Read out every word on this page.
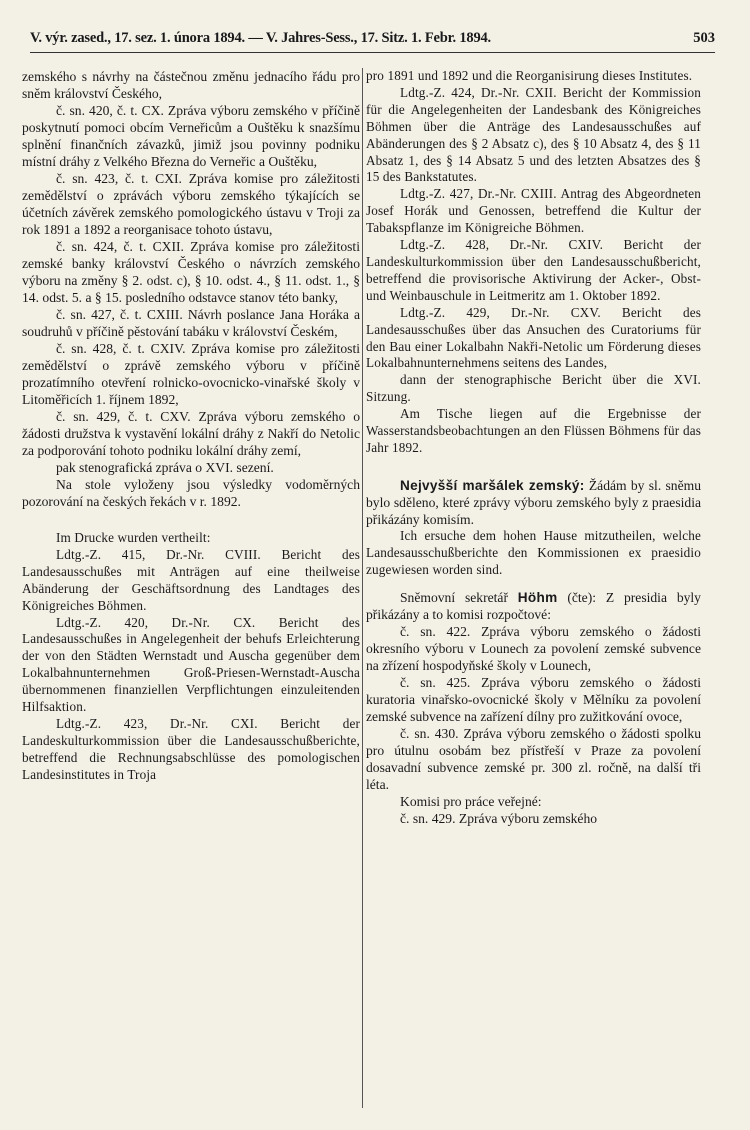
V. výr. zased., 17. sez. 1. února 1894. — V. Jahres-Sess., 17. Sitz. 1. Febr. 1894.	503

zemského s návrhy na částečnou změnu jednacího řádu pro sněm království Českého,

č. sn. 420, č. t. CX. Zpráva výboru zemského v příčině poskytnutí pomoci obcím Verneřicům a Ouštěku k snazšímu splnění finančních závazků, jimiž jsou povinny podniku místní dráhy z Velkého Března do Verneřic a Ouštěku,

č. sn. 423, č. t. CXI. Zpráva komise pro záležitosti zemědělství o zprávách výboru zemského týkajících se účetních závěrek zemského pomologického ústavu v Troji za rok 1891 a 1892 a reorganisace tohoto ústavu,

č. sn. 424, č. t. CXII. Zpráva komise pro záležitosti zemské banky království Českého o návrzích zemského výboru na změny § 2. odst. c), § 10. odst. 4., § 11. odst. 1., § 14. odst. 5. a § 15. posledního odstavce stanov této banky,

č. sn. 427, č. t. CXIII. Návrh poslance Jana Horáka a soudruhů v příčině pěstování tabáku v království Českém,

č. sn. 428, č. t. CXIV. Zpráva komise pro záležitosti zemědělství o zprávě zemského výboru v příčině prozatímního otevření rolnicko-ovocnicko-vinařské školy v Litoměřicích 1. říjnem 1892,

č. sn. 429, č. t. CXV. Zpráva výboru zemského o žádosti družstva k vystavění lokální dráhy z Nakří do Netolic za podporování tohoto podniku lokální dráhy zemí,

pak stenografická zpráva o XVI. sezení.

Na stole vyloženy jsou výsledky vodoměrných pozorování na českých řekách v r. 1892.

Im Drucke wurden vertheilt:

Ldtg.-Z. 415, Dr.-Nr. CVIII. Bericht des Landesausschußes mit Anträgen auf eine theilweise Abänderung der Geschäftsordnung des Landtages des Königreiches Böhmen.

Ldtg.-Z. 420, Dr.-Nr. CX. Bericht des Landesausschußes in Angelegenheit der behufs Erleichterung der von den Städten Wernstadt und Auscha gegenüber dem Lokalbahnunternehmen Groß-Priesen-Wernstadt-Auscha übernommenen finanziellen Verpflichtungen einzuleitenden Hilfsaktion.

Ldtg.-Z. 423, Dr.-Nr. CXI. Bericht der Landeskulturkommission über die Landesausschußberichte, betreffend die Rechnungsabschlüsse des pomologischen Landesinstitutes in Troja

pro 1891 und 1892 und die Reorganisirung dieses Institutes.

Ldtg.-Z. 424, Dr.-Nr. CXII. Bericht der Kommission für die Angelegenheiten der Landesbank des Königreiches Böhmen über die Anträge des Landesausschußes auf Abänderungen des § 2 Absatz c), des § 10 Absatz 4, des § 11 Absatz 1, des § 14 Absatz 5 und des letzten Absatzes des § 15 des Bankstatutes.

Ldtg.-Z. 427, Dr.-Nr. CXIII. Antrag des Abgeordneten Josef Horák und Genossen, betreffend die Kultur der Tabakspflanze im Königreiche Böhmen.

Ldtg.-Z. 428, Dr.-Nr. CXIV. Bericht der Landeskulturkommission über den Landesausschußbericht, betreffend die provisorische Aktivirung der Acker-, Obst- und Weinbauschule in Leitmeritz am 1. Oktober 1892.

Ldtg.-Z. 429, Dr.-Nr. CXV. Bericht des Landesausschußes über das Ansuchen des Curatoriums für den Bau einer Lokalbahn Nakři-Netolic um Förderung dieses Lokalbahnunternehmens seitens des Landes,

dann der stenographische Bericht über die XVI. Sitzung.

Am Tische liegen auf die Ergebnisse der Wasserstandsbeobachtungen an den Flüssen Böhmens für das Jahr 1892.

Nejvyšší maršálek zemský: Žádám by sl. sněmu bylo sděleno, které zprávy výboru zemského byly z praesidia přikázány komisím.

Ich ersuche dem hohen Hause mitzutheilen, welche Landesausschußberichte den Kommissionen ex praesidio zugewiesen worden sind.

Sněmovní sekretář Höhm (čte): Z presidia byly přikázány a to komisi rozpočtové:

č. sn. 422. Zpráva výboru zemského o žádosti okresního výboru v Lounech za povolení zemské subvence na zřízení hospodyňské školy v Lounech,

č. sn. 425. Zpráva výboru zemského o žádosti kuratoria vinařsko-ovocnické školy v Mělníku za povolení zemské subvence na zařízení dílny pro zužitkování ovoce,

č. sn. 430. Zpráva výboru zemského o žádosti spolku pro útulnu osobám bez přístřeší v Praze za povolení dosavadní subvence zemské pr. 300 zl. ročně, na další tři léta.

Komisi pro práce veřejné:

č. sn. 429. Zpráva výboru zemského
